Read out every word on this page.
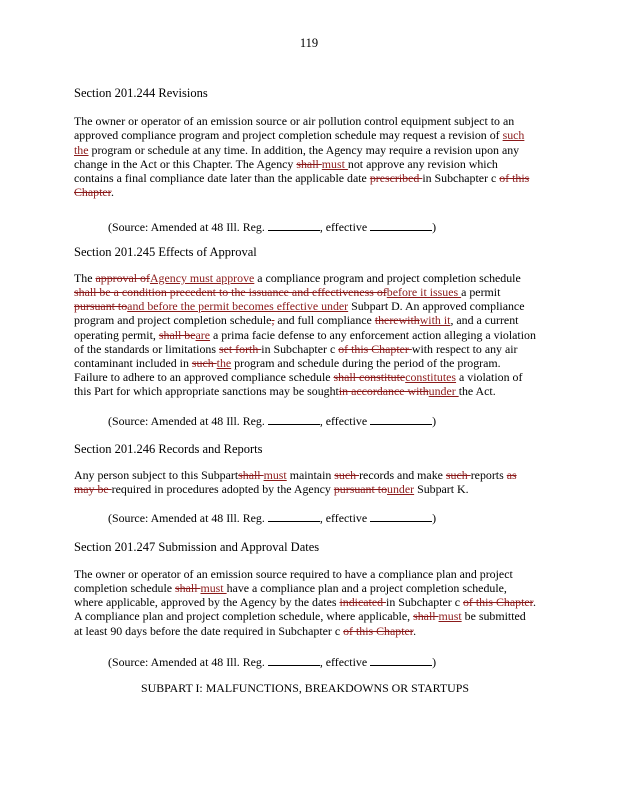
119
Section 201.244 Revisions

The owner or operator of an emission source or air pollution control equipment subject to an approved compliance program and project completion schedule may request a revision of such the program or schedule at any time. In addition, the Agency may require a revision upon any change in the Act or this Chapter. The Agency shall must not approve any revision which contains a final compliance date later than the applicable date prescribed in Subchapter c of this Chapter.

(Source: Amended at 48 Ill. Reg.	, effective	)

Section 201.245 Effects of Approval

The approval ofAgency must approve a compliance program and project completion schedule shall be a condition precedent to the issuance and effectiveness ofbefore it issues a permit pursuant toand before the permit becomes effective under Subpart D. An approved compliance program and project completion schedule, and full compliance therewithwith it, and a current operating permit, shall beare a prima facie defense to any enforcement action alleging a violation of the standards or limitations set forth in Subchapter c of this Chapter with respect to any air contaminant included in such the program and schedule during the period of the program. Failure to adhere to an approved compliance schedule shall constituteconstitutes a violation of this Part for which appropriate sanctions may be soughtin accordance withunder the Act.

(Source: Amended at 48 Ill. Reg.	, effective	)

Section 201.246 Records and Reports

Any person subject to this Subpartshall must maintain such records and make such reports as may be required in procedures adopted by the Agency pursuant tounder Subpart K.

(Source: Amended at 48 Ill. Reg.	, effective	)

Section 201.247 Submission and Approval Dates

The owner or operator of an emission source required to have a compliance plan and project completion schedule shall must have a compliance plan and a project completion schedule, where applicable, approved by the Agency by the dates indicated in Subchapter c of this Chapter. A compliance plan and project completion schedule, where applicable, shall must be submitted at least 90 days before the date required in Subchapter c of this Chapter.

(Source: Amended at 48 Ill. Reg.	, effective	)

SUBPART I: MALFUNCTIONS, BREAKDOWNS OR STARTUPS
